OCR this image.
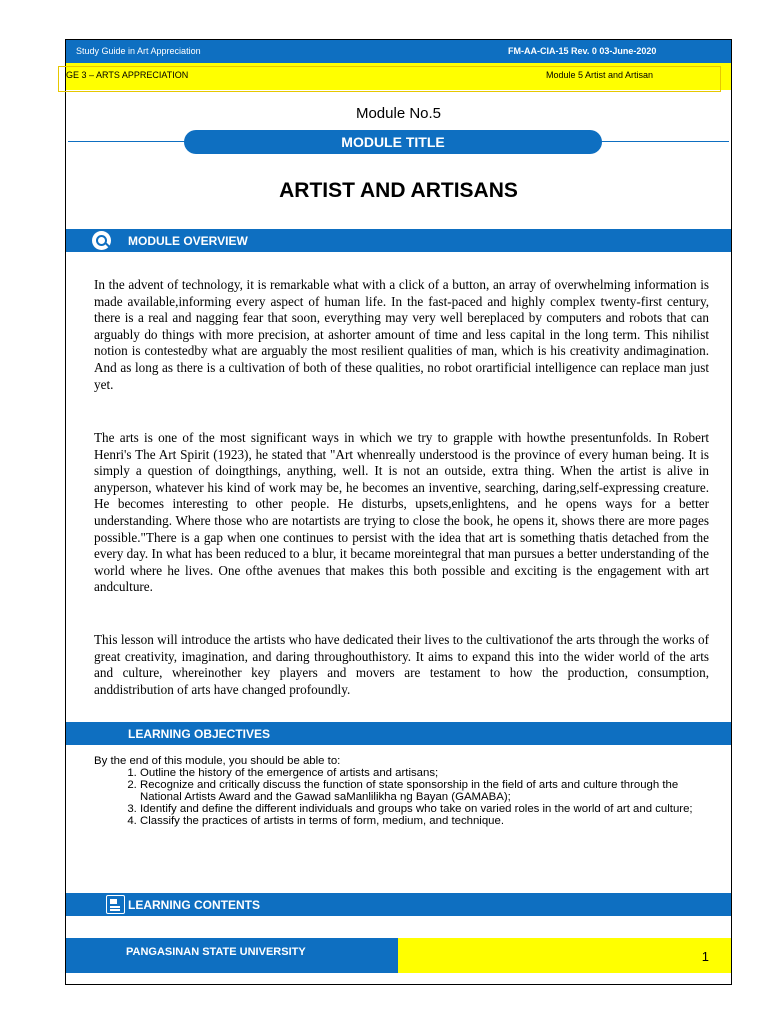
Study Guide in Art Appreciation	FM-AA-CIA-15 Rev. 0 03-June-2020
GE 3 – ARTS APPRECIATION	Module 5 Artist and Artisan
Module No.5
MODULE TITLE
ARTIST AND ARTISANS
MODULE OVERVIEW

In the advent of technology, it is remarkable what with a click of a button, an array of overwhelming information is made available,informing every aspect of human life. In the fast-paced and highly complex twenty-first century, there is a real and nagging fear that soon, everything may very well bereplaced by computers and robots that can arguably do things with more precision, at ashorter amount of time and less capital in the long term. This nihilist notion is contestedby what are arguably the most resilient qualities of man, which is his creativity andimagination. And as long as there is a cultivation of both of these qualities, no robot orartificial intelligence can replace man just yet.

The arts is one of the most significant ways in which we try to grapple with howthe presentunfolds. In Robert Henri's The Art Spirit (1923), he stated that "Art whenreally understood is the province of every human being. It is simply a question of doingthings, anything, well. It is not an outside, extra thing. When the artist is alive in anyperson, whatever his kind of work may be, he becomes an inventive, searching, daring,self-expressing creature. He becomes interesting to other people. He disturbs, upsets,enlightens, and he opens ways for a better understanding. Where those who are notartists are trying to close the book, he opens it, shows there are more pages possible."There is a gap when one continues to persist with the idea that art is something thatis detached from the every day. In what has been reduced to a blur, it became moreintegral that man pursues a better understanding of the world where he lives. One ofthe avenues that makes this both possible and exciting is the engagement with art andculture.

This lesson will introduce the artists who have dedicated their lives to the cultivationof the arts through the works of great creativity, imagination, and daring throughouthistory. It aims to expand this into the wider world of the arts and culture, whereinother key players and movers are testament to how the production, consumption, anddistribution of arts have changed profoundly.

LEARNING OBJECTIVES
By the end of this module, you should be able to:
1. Outline the history of the emergence of artists and artisans;
2. Recognize and critically discuss the function of state sponsorship in the field of arts and culture through the National Artists Award and the Gawad saManlilikha ng Bayan (GAMABA);
3. Identify and define the different individuals and groups who take on varied roles in the world of art and culture;
4. Classify the practices of artists in terms of form, medium, and technique.
LEARNING CONTENTS
PANGASINAN STATE UNIVERSITY	1
